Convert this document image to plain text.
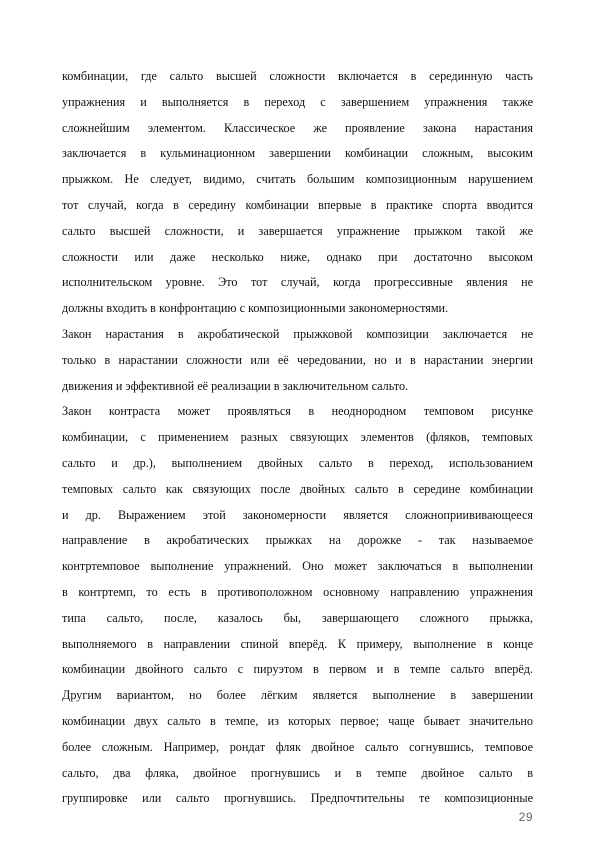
комбинации, где сальто высшей сложности включается в серединную часть
упражнения и выполняется в переход с завершением упражнения также
сложнейшим элементом. Классическое же проявление закона нарастания
заключается в кульминационном завершении комбинации сложным, высоким
прыжком. Не следует, видимо, считать большим композиционным нарушением
тот случай, когда в середину комбинации впервые в практике спорта вводится
сальто высшей сложности, и завершается упражнение прыжком такой же
сложности или даже несколько ниже, однако при достаточно высоком
исполнительском уровне. Это тот случай, когда прогрессивные явления не

должны входить в конфронтацию с композиционными закономерностями.

Закон нарастания в акробатической прыжковой композиции заключается не
только в нарастании сложности или её чередовании, но и в нарастании энергии

движения и эффективной её реализации в заключительном сальто.

Закон контраста может проявляться в неоднородном темповом рисунке
комбинации, с применением разных связующих элементов (фляков, темповых
сальто и др.), выполнением двойных сальто в переход, использованием
темповых сальто как связующих после двойных сальто в середине комбинации
и др. Выражением этой закономерности является сложноприививающееся
направление в акробатических прыжках на дорожке - так называемое
контртемповое выполнение упражнений. Оно может заключаться в выполнении
в контртемп, то есть в противоположном основному направлению упражнения
типа сальто, после, казалось бы, завершающего сложного прыжка,
выполняемого в направлении спиной вперёд. К примеру, выполнение в конце
комбинации двойного сальто с пируэтом в первом и в темпе сальто вперёд.
Другим вариантом, но более лёгким является выполнение в завершении
комбинации двух сальто в темпе, из которых первое; чаще бывает значительно
более сложным. Например, рондат фляк двойное сальто согнувшись, темповое
сальто, два фляка, двойное прогнувшись и в темпе двойное сальто в
группировке или сальто прогнувшись. Предпочтительны те композиционные

29
